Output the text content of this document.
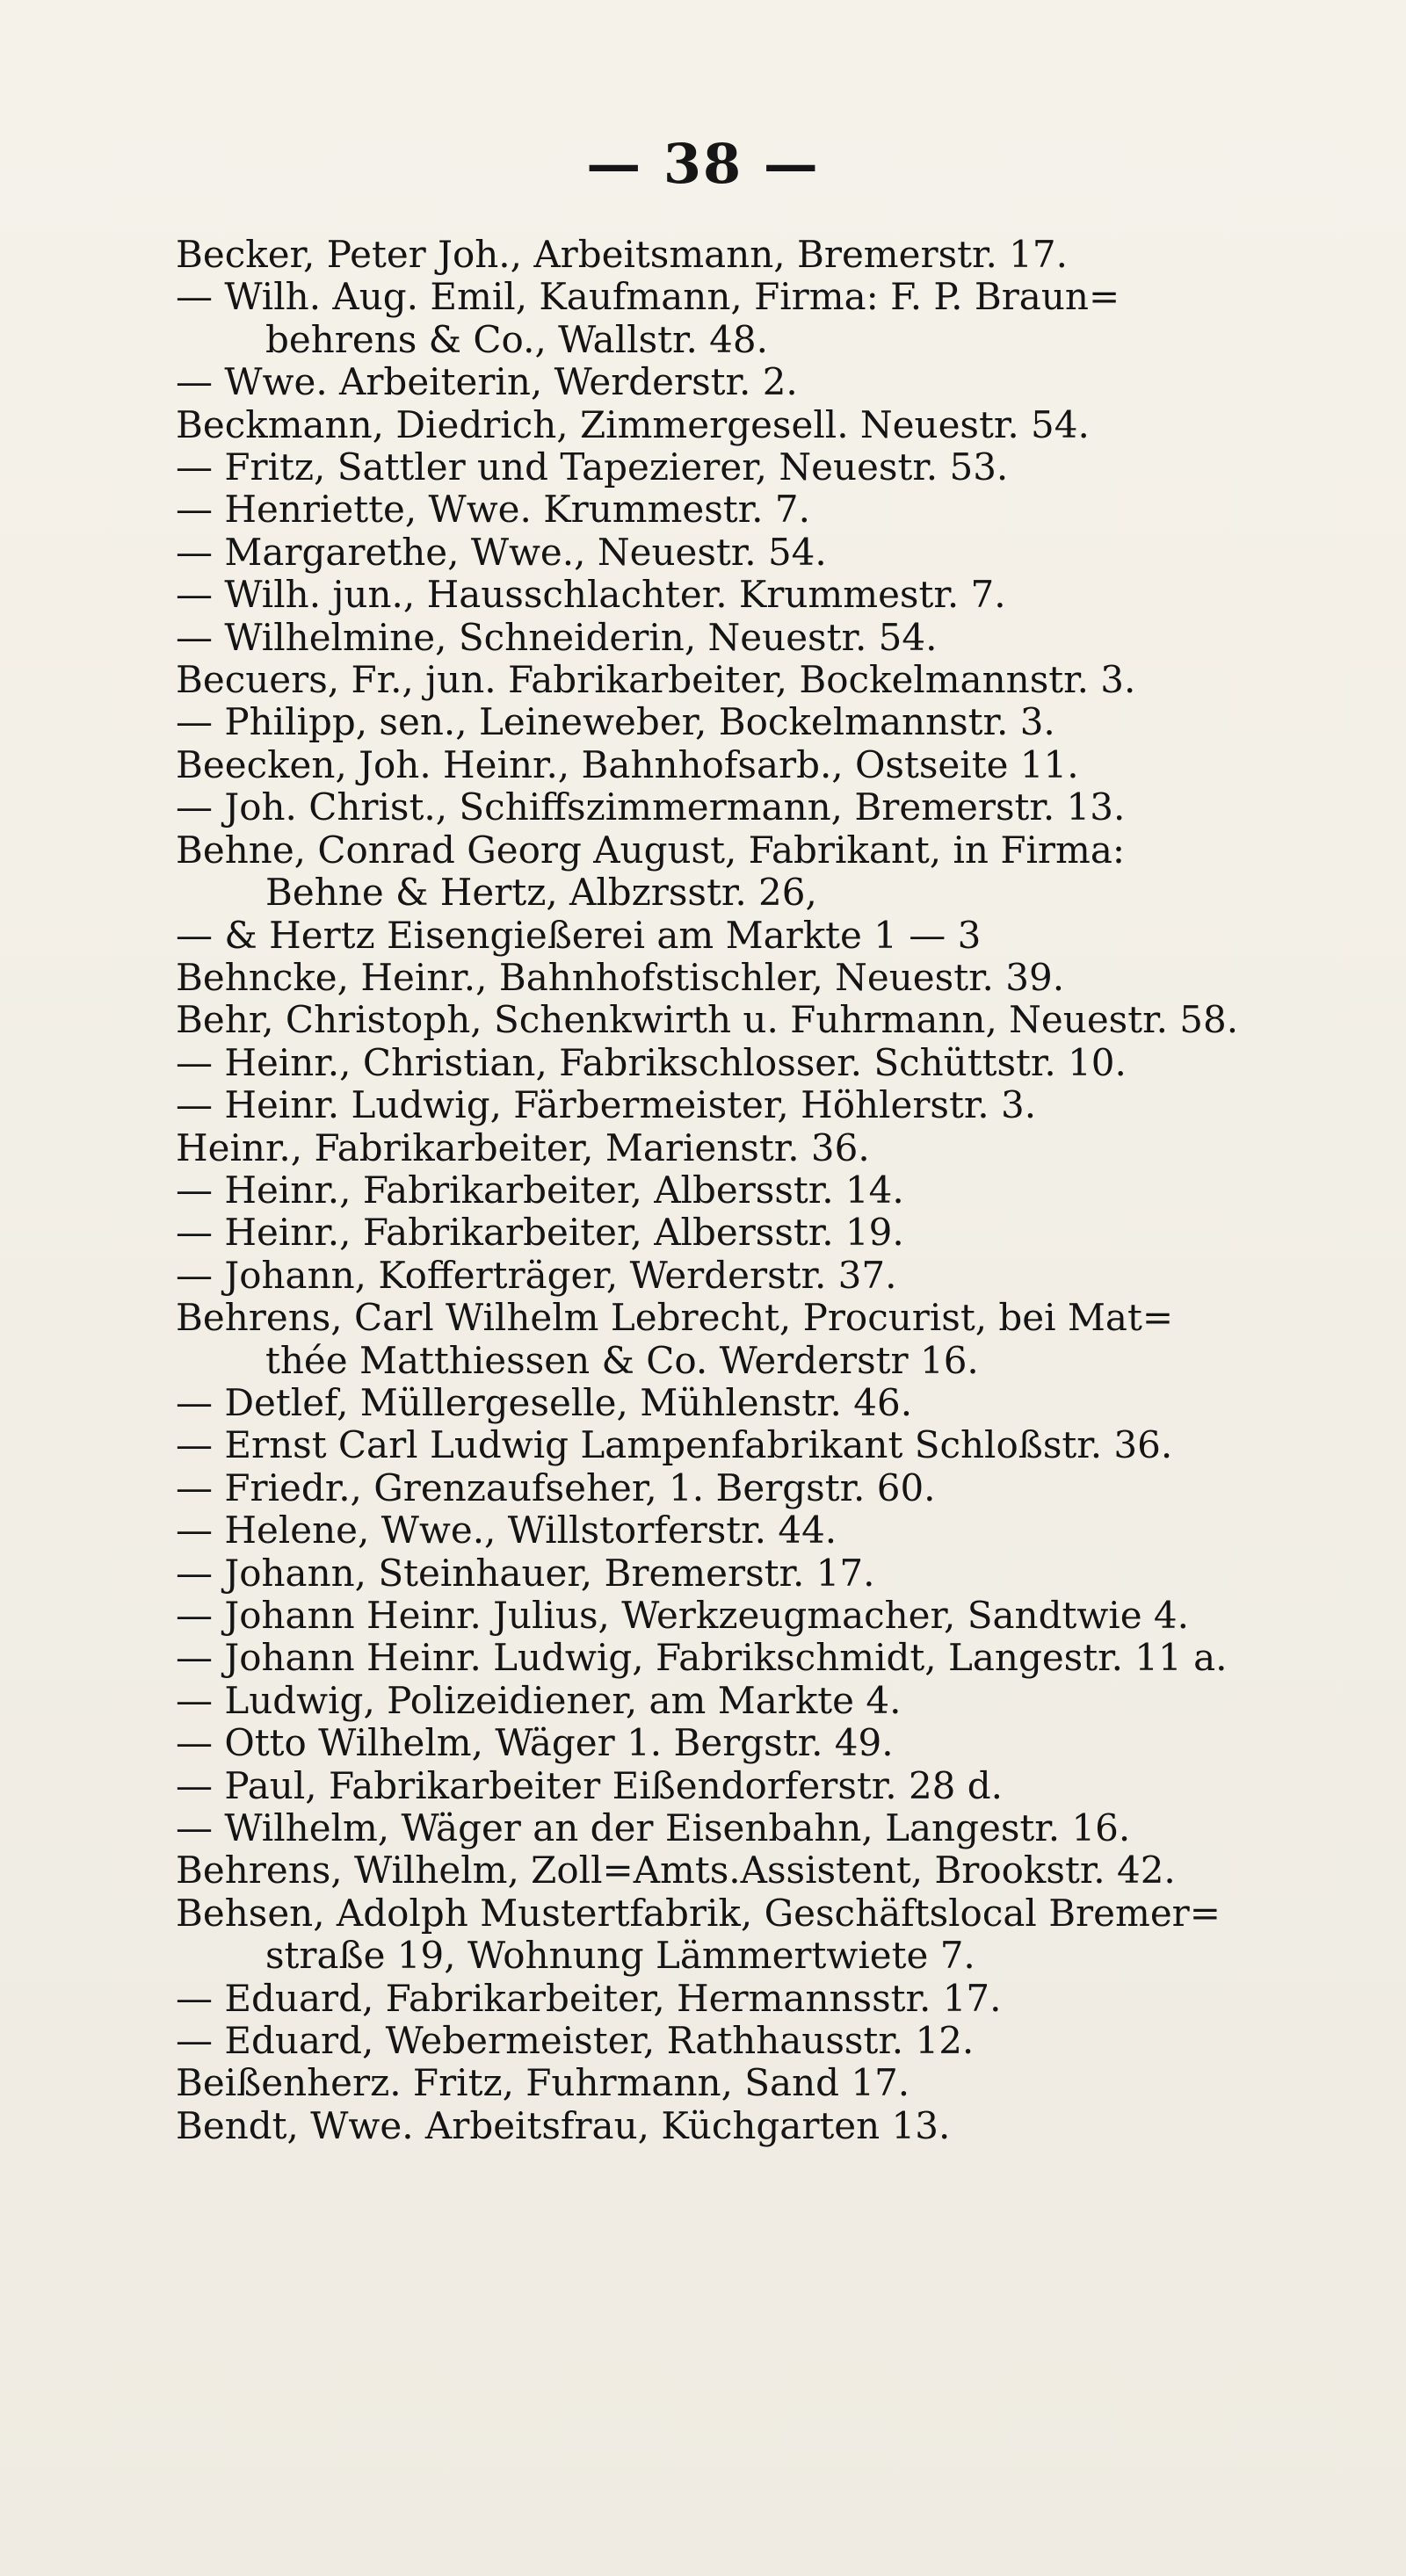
— 38 —
Becker, Peter Joh., Arbeitsmann, Bremerstr. 17.
— Wilh. Aug. Emil, Kaufmann, Firma: F. P. Braun=
behrens & Co., Wallstr. 48.
— Wwe. Arbeiterin, Werderstr. 2.
Beckmann, Diedrich, Zimmergesell. Neuestr. 54.
— Fritz, Sattler und Tapezierer, Neuestr. 53.
— Henriette, Wwe. Krummestr. 7.
— Margarethe, Wwe., Neuestr. 54.
— Wilh. jun., Hausschlachter. Krummestr. 7.
— Wilhelmine, Schneiderin, Neuestr. 54.
Becuers, Fr., jun. Fabrikarbeiter, Bockelmannstr. 3.
— Philipp, sen., Leineweber, Bockelmannstr. 3.
Beecken, Joh. Heinr., Bahnhofsarb., Ostseite 11.
— Joh. Christ., Schiffszimmermann, Bremerstr. 13.
Behne, Conrad Georg August, Fabrikant, in Firma:
Behne & Hertz, Albzrsstr. 26,
— & Hertz Eisengießerei am Markte 1 — 3
Behncke, Heinr., Bahnhofstischler, Neuestr. 39.
Behr, Christoph, Schenkwirth u. Fuhrmann, Neuestr. 58.
— Heinr., Christian, Fabrikschlosser. Schüttstr. 10.
— Heinr. Ludwig, Färbermeister, Höhlerstr. 3.
Heinr., Fabrikarbeiter, Marienstr. 36.
— Heinr., Fabrikarbeiter, Albersstr. 14.
— Heinr., Fabrikarbeiter, Albersstr. 19.
— Johann, Kofferträger, Werderstr. 37.
Behrens, Carl Wilhelm Lebrecht, Procurist, bei Mat=
thée Matthiessen & Co. Werderstr 16.
— Detlef, Müllergeselle, Mühlenstr. 46.
— Ernst Carl Ludwig Lampenfabrikant Schloßstr. 36.
— Friedr., Grenzaufseher, 1. Bergstr. 60.
— Helene, Wwe., Willstorferstr. 44.
— Johann, Steinhauer, Bremerstr. 17.
— Johann Heinr. Julius, Werkzeugmacher, Sandtwie 4.
— Johann Heinr. Ludwig, Fabrikschmidt, Langestr. 11 a.
— Ludwig, Polizeidiener, am Markte 4.
— Otto Wilhelm, Wäger 1. Bergstr. 49.
— Paul, Fabrikarbeiter Eißendorferstr. 28 d.
— Wilhelm, Wäger an der Eisenbahn, Langestr. 16.
Behrens, Wilhelm, Zoll=Amts.Assistent, Brookstr. 42.
Behsen, Adolph Mustertfabrik, Geschäftslocal Bremer=
straße 19, Wohnung Lämmertwiete 7.
— Eduard, Fabrikarbeiter, Hermannsstr. 17.
— Eduard, Webermeister, Rathhausstr. 12.
Beißenherz. Fritz, Fuhrmann, Sand 17.
Bendt, Wwe. Arbeitsfrau, Küchgarten 13.
